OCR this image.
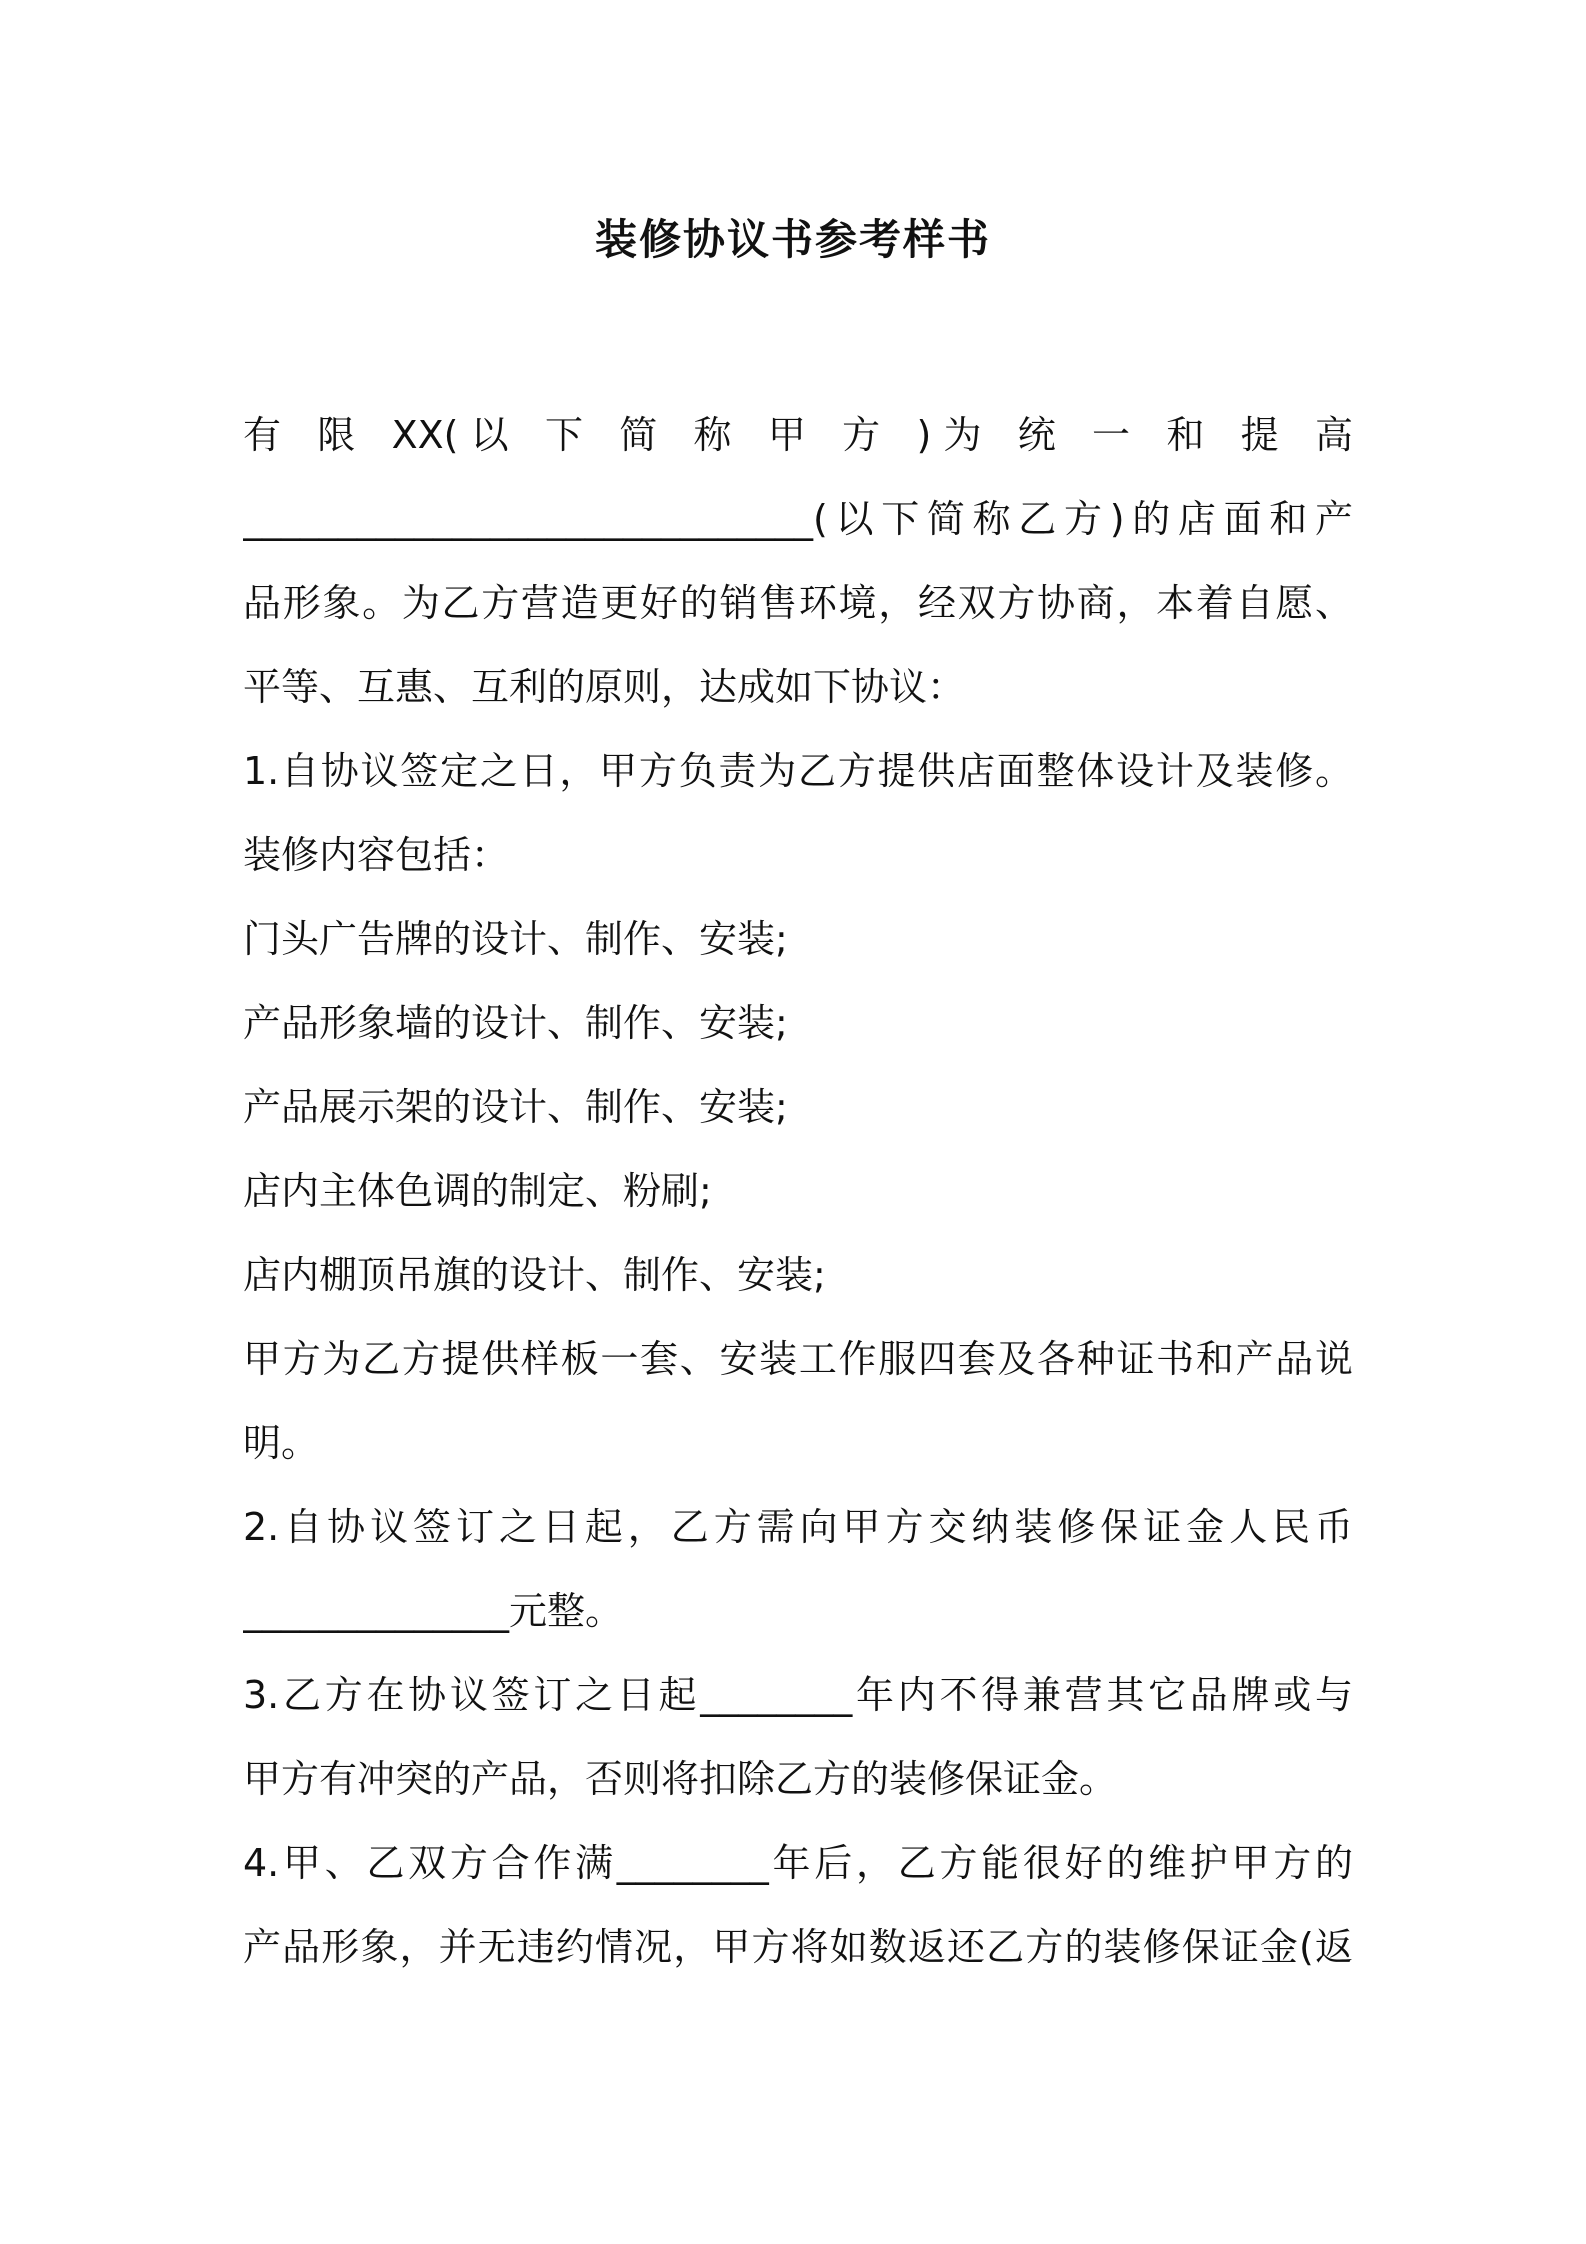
装修协议书参考样书

有 限 XX(以 下 简 称 甲 方 )为 统 一 和 提 高

______________________________(以下简称乙方)的店面和产

品形象。为乙方营造更好的销售环境，经双方协商，本着自愿、

平等、互惠、互利的原则，达成如下协议：

1.自协议签定之日，甲方负责为乙方提供店面整体设计及装修。

装修内容包括：

门头广告牌的设计、制作、安装;

产品形象墙的设计、制作、安装;

产品展示架的设计、制作、安装;

店内主体色调的制定、粉刷;

店内棚顶吊旗的设计、制作、安装;

甲方为乙方提供样板一套、安装工作服四套及各种证书和产品说

明。

2.自协议签订之日起，乙方需向甲方交纳装修保证金人民币

______________元整。

3.乙方在协议签订之日起________年内不得兼营其它品牌或与

甲方有冲突的产品，否则将扣除乙方的装修保证金。

4.甲、乙双方合作满________年后，乙方能很好的维护甲方的

产品形象，并无违约情况，甲方将如数返还乙方的装修保证金(返
